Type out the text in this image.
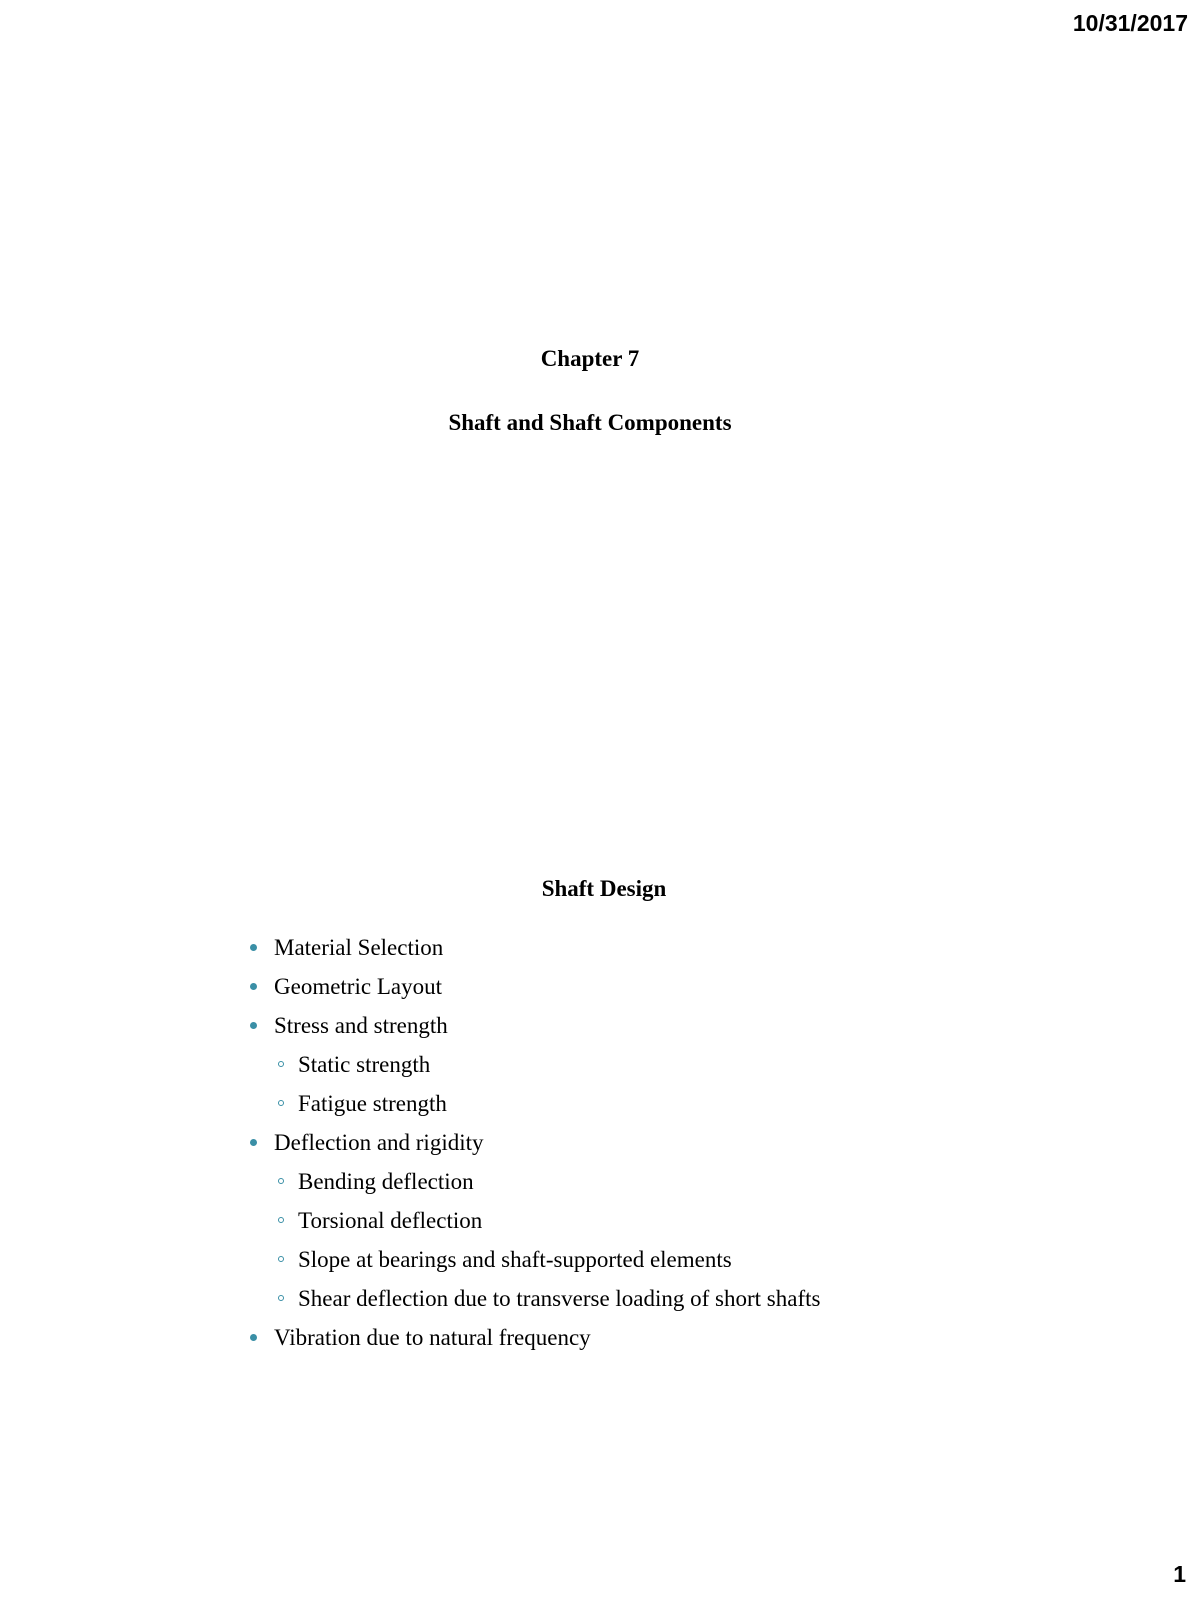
10/31/2017
Chapter 7
Shaft and Shaft Components
Shaft Design
Material Selection
Geometric Layout
Stress and strength
Static strength
Fatigue strength
Deflection and rigidity
Bending deflection
Torsional deflection
Slope at bearings and shaft-supported elements
Shear deflection due to transverse loading of short shafts
Vibration due to natural frequency
1
